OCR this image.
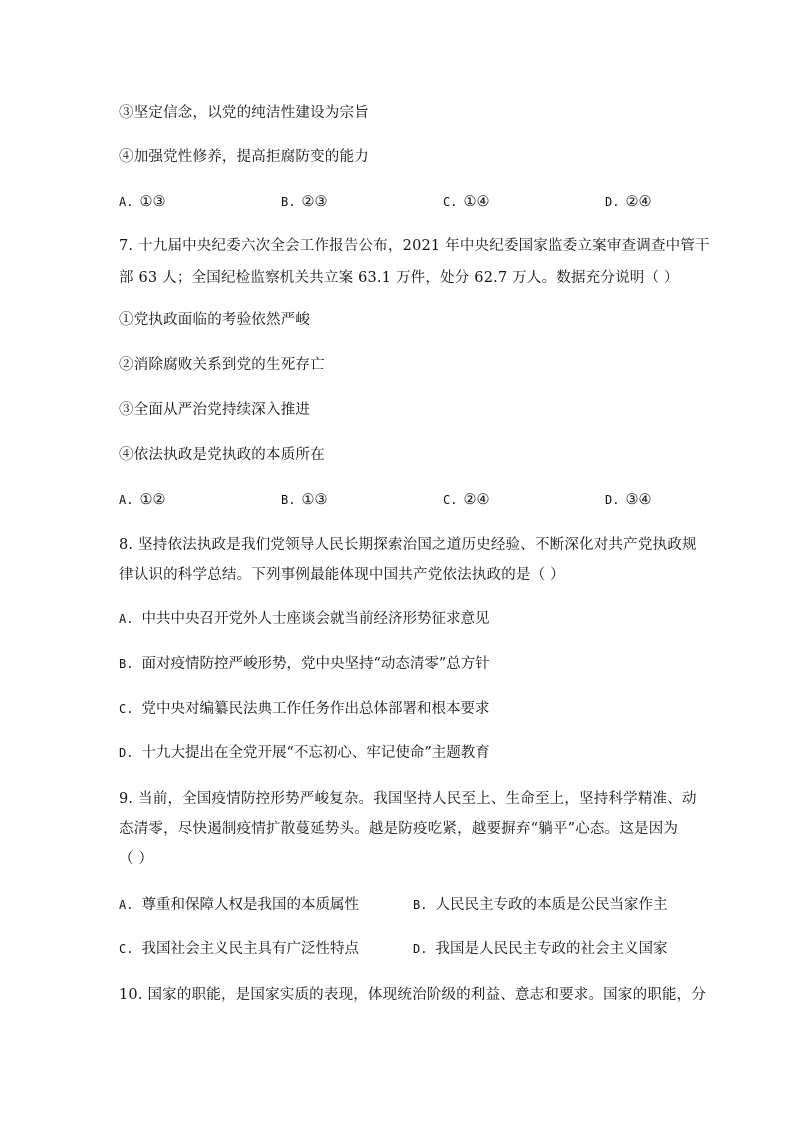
③坚定信念，以党的纯洁性建设为宗旨
④加强党性修养，提高拒腐防变的能力
A. ①③	B. ②③	C. ①④	D. ②④
7. 十九届中央纪委六次全会工作报告公布，2021 年中央纪委国家监委立案审查调查中管干
部 63 人；全国纪检监察机关共立案 63.1 万件，处分 62.7 万人。数据充分说明（ ）
①党执政面临的考验依然严峻
②消除腐败关系到党的生死存亡
③全面从严治党持续深入推进
④依法执政是党执政的本质所在
A. ①②	B. ①③	C. ②④	D. ③④
8. 坚持依法执政是我们党领导人民长期探索治国之道历史经验、不断深化对共产党执政规
律认识的科学总结。下列事例最能体现中国共产党依法执政的是（ ）
A. 中共中央召开党外人士座谈会就当前经济形势征求意见
B. 面对疫情防控严峻形势，党中央坚持“动态清零”总方针
C. 党中央对编纂民法典工作任务作出总体部署和根本要求
D. 十九大提出在全党开展“不忘初心、牢记使命”主题教育
9. 当前，全国疫情防控形势严峻复杂。我国坚持人民至上、生命至上，坚持科学精准、动
态清零，尽快遏制疫情扩散蔓延势头。越是防疫吃紧，越要摒弃“躺平”心态。这是因为
（ ）
A. 尊重和保障人权是我国的本质属性	B. 人民民主专政的本质是公民当家作主
C. 我国社会主义民主具有广泛性特点	D. 我国是人民民主专政的社会主义国家
10. 国家的职能，是国家实质的表现，体现统治阶级的利益、意志和要求。国家的职能，分
